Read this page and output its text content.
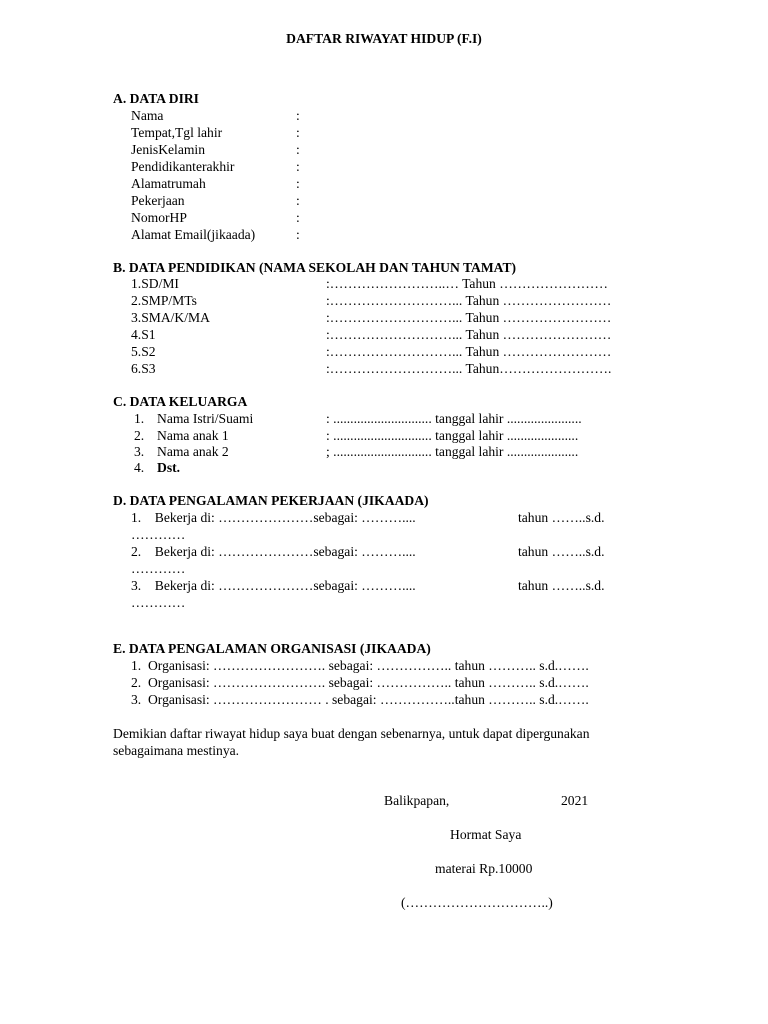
DAFTAR RIWAYAT HIDUP (F.I)
A. DATA DIRI
Nama	:
Tempat,Tgl lahir	:
JenisKelamin	:
Pendidikanterakhir	:
Alamatrumah	:
Pekerjaan	:
NomorHP	:
Alamat Email(jikaada)	:
B. DATA PENDIDIKAN (NAMA SEKOLAH DAN TAHUN TAMAT)
1.SD/MI	:……………………..… Tahun ……………………
2.SMP/MTs	:………………………... Tahun ……………………
3.SMA/K/MA	:………………………... Tahun ……………………
4.S1	:………………………... Tahun ……………………
5.S2	:………………………... Tahun ……………………
6.S3	:………………………... Tahun…………………….
C. DATA KELUARGA
1. Nama Istri/Suami	: ............................. tanggal lahir ......................
2. Nama anak 1	: ............................. tanggal lahir .....................
3. Nama anak 2	; ............................. tanggal lahir .....................
4. Dst.
D. DATA PENGALAMAN PEKERJAAN (JIKAADA)
1.    Bekerja di: …………………sebagai: ………....	tahun ……..s.d.
…………
2.    Bekerja di: …………………sebagai: ………....	tahun ……..s.d.
…………
3.    Bekerja di: …………………sebagai: ………....	tahun ……..s.d.
…………
E. DATA PENGALAMAN ORGANISASI (JIKAADA)
1.  Organisasi: ……………………. sebagai: …………….. tahun ……….. s.d.…….
2.  Organisasi: ……………………. sebagai: …………….. tahun ……….. s.d.…….
3.  Organisasi: …………………… . sebagai: ……………..tahun ……….. s.d.…….
Demikian daftar riwayat hidup saya buat dengan sebenarnya, untuk dapat dipergunakan
sebagaimana mestinya.
Balikpapan,	2021
Hormat Saya
materai Rp.10000
(…………………………..)
